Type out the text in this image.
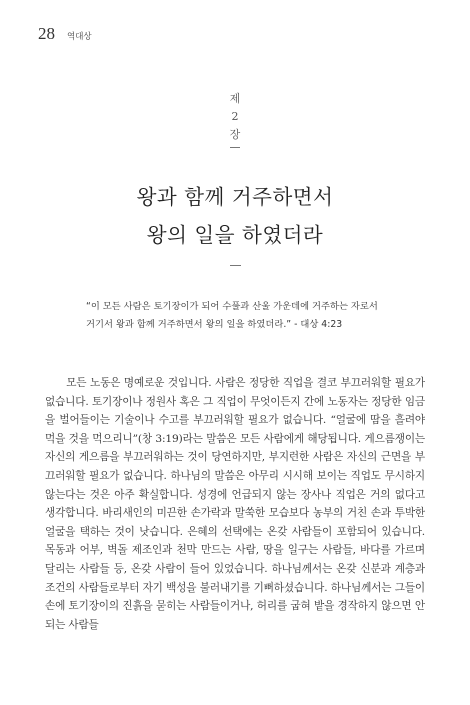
28 역대상
제
2
장
왕과 함께 거주하면서
왕의 일을 하였더라
“이 모든 사람은 토기장이가 되어 수풀과 산울 가운데에 거주하는 자로서 거기서 왕과 함께 거주하면서 왕의 일을 하였더라.” - 대상 4:23

모든 노동은 명예로운 것입니다. 사람은 정당한 직업을 결코 부끄러워할 필요가 없습니다. 토기장이나 정원사 혹은 그 직업이 무엇이든지 간에 노동자는 정당한 임금을 벌어들이는 기술이나 수고를 부끄러워할 필요가 없습니다. “얼굴에 땀을 흘려야 먹을 것을 먹으리니”(창 3:19)라는 말씀은 모든 사람에게 해당됩니다. 게으름쟁이는 자신의 게으름을 부끄러워하는 것이 당연하지만, 부지런한 사람은 자신의 근면을 부끄러워할 필요가 없습니다. 하나님의 말씀은 아무리 시시해 보이는 직업도 무시하지 않는다는 것은 아주 확실합니다. 성경에 언급되지 않는 장사나 직업은 거의 없다고 생각합니다. 바리새인의 미끈한 손가락과 말쑥한 모습보다 농부의 거친 손과 투박한 얼굴을 택하는 것이 낫습니다. 은혜의 선택에는 온갖 사람들이 포함되어 있습니다. 목동과 어부, 벽돌 제조인과 천막 만드는 사람, 땅을 일구는 사람들, 바다를 가르며 달리는 사람들 등, 온갖 사람이 들어 있었습니다. 하나님께서는 온갖 신분과 계층과 조건의 사람들로부터 자기 백성을 불러내기를 기뻐하셨습니다. 하나님께서는 그들이 손에 토기장이의 진흙을 묻히는 사람들이거나, 허리를 굽혀 밭을 경작하지 않으면 안 되는 사람들
